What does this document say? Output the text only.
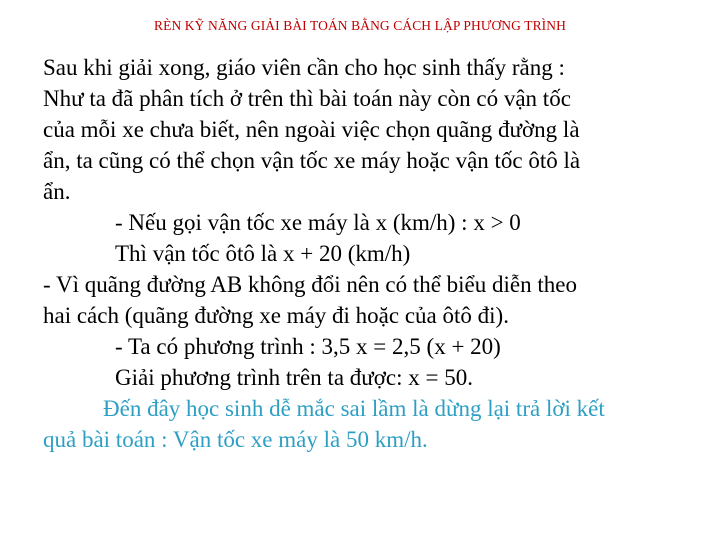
RÈN KỸ NĂNG GIẢI BÀI TOÁN BẰNG CÁCH LẬP PHƯƠNG TRÌNH
Sau khi giải xong, giáo viên cần cho học sinh thấy rằng :
Như ta đã phân tích ở trên thì bài toán này còn có vận tốc
của mỗi xe chưa biết, nên ngoài việc chọn quãng đường là
ẩn, ta cũng có thể chọn vận tốc xe máy hoặc vận tốc ôtô là
ẩn.
- Nếu gọi vận tốc xe máy là x (km/h) : x > 0
Thì vận tốc ôtô là x + 20 (km/h)
- Vì quãng đường AB không đổi nên có thể biểu diễn theo
hai cách (quãng đường xe máy đi hoặc của ôtô đi).
- Ta có phương trình : 3,5 x = 2,5 (x + 20)
Giải phương trình trên ta được: x = 50.
Đến đây học sinh dễ mắc sai lầm là dừng lại trả lời kết
quả bài toán : Vận tốc xe máy là 50 km/h.
